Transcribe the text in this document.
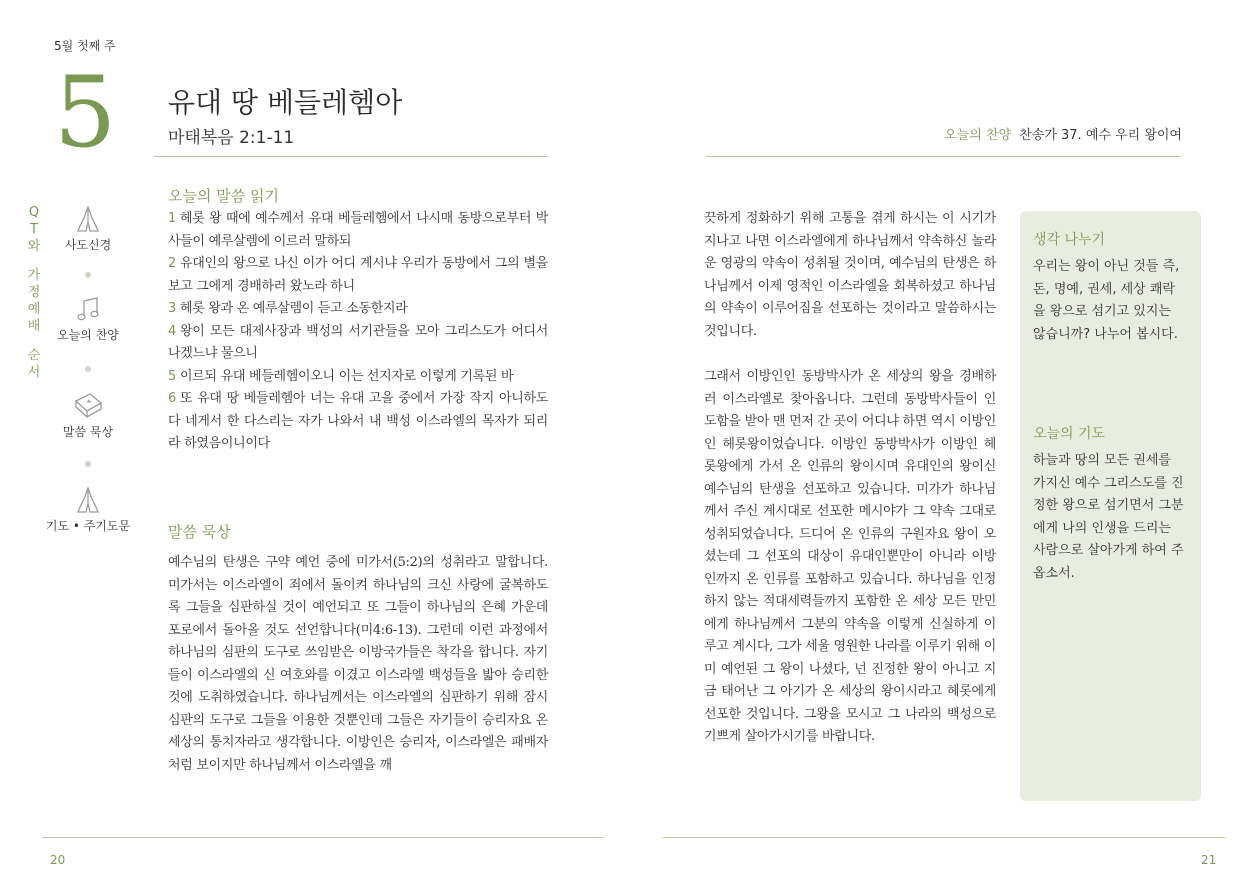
5월 첫째 주
5 유대 땅 베들레헴아
마태복음 2:1-11
Q
T
와
가
정
예
배
순
서
사도신경
오늘의 찬양
말씀 묵상
기도 • 주기도문
오늘의 말씀 읽기
1 헤롯 왕 때에 예수께서 유대 베들레헴에서 나시매 동방으로부터 박사들이 예루살렘에 이르러 말하되
2 유대인의 왕으로 나신 이가 어디 계시냐 우리가 동방에서 그의 별을 보고 그에게 경배하러 왔노라 하니
3 헤롯 왕과 온 예루살렘이 듣고 소동한지라
4 왕이 모든 대제사장과 백성의 서기관들을 모아 그리스도가 어디서 나겠느냐 물으니
5 이르되 유대 베들레헴이오니 이는 선지자로 이렇게 기록된 바
6 또 유대 땅 베들레헴아 너는 유대 고을 중에서 가장 작지 아니하도다 네게서 한 다스리는 자가 나와서 내 백성 이스라엘의 목자가 되리라 하였음이니이다
말씀 묵상

예수님의 탄생은 구약 예언 중에 미가서(5:2)의 성취라고 말합니다. 미가서는 이스라엘이 죄에서 돌이켜 하나님의 크신 사랑에 굴복하도록 그들을 심판하실 것이 예언되고 또 그들이 하나님의 은혜 가운데 포로에서 돌아올 것도 선언합니다(미4:6-13). 그런데 이런 과정에서 하나님의 심판의 도구로 쓰임받은 이방국가들은 착각을 합니다. 자기들이 이스라엘의 신 여호와를 이겼고 이스라엘 백성들을 밟아 승리한 것에 도취하였습니다. 하나님께서는 이스라엘의 심판하기 위해 잠시 심판의 도구로 그들을 이용한 것뿐인데 그들은 자기들이 승리자요 온 세상의 통치자라고 생각합니다. 이방인은 승리자, 이스라엘은 패배자처럼 보이지만 하나님께서 이스라엘을 깨

20
오늘의 찬양 찬송가 37. 예수 우리 왕이여

끗하게 정화하기 위해 고통을 겪게 하시는 이 시기가 지나고 나면 이스라엘에게 하나님께서 약속하신 놀라운 영광의 약속이 성취될 것이며, 예수님의 탄생은 하나님께서 이제 영적인 이스라엘을 회복하셨고 하나님의 약속이 이루어짐을 선포하는 것이라고 말씀하시는 것입니다.

그래서 이방인인 동방박사가 온 세상의 왕을 경배하러 이스라엘로 찾아옵니다. 그런데 동방박사들이 인도함을 받아 맨 먼저 간 곳이 어디냐 하면 역시 이방인인 헤롯왕이었습니다. 이방인 동방박사가 이방인 헤롯왕에게 가서 온 인류의 왕이시며 유대인의 왕이신 예수님의 탄생을 선포하고 있습니다. 미가가 하나님께서 주신 계시대로 선포한 메시야가 그 약속 그대로 성취되었습니다. 드디어 온 인류의 구원자요 왕이 오셨는데 그 선포의 대상이 유대인뿐만이 아니라 이방인까지 온 인류를 포함하고 있습니다. 하나님을 인정하지 않는 적대세력들까지 포함한 온 세상 모든 만민에게 하나님께서 그분의 약속을 이렇게 신실하게 이루고 계시다, 그가 세울 영원한 나라를 이루기 위해 이미 예언된 그 왕이 나셨다, 넌 진정한 왕이 아니고 지금 태어난 그 아기가 온 세상의 왕이시라고 헤롯에게 선포한 것입니다. 그왕을 모시고 그 나라의 백성으로 기쁘게 살아가시기를 바랍니다.

생각 나누기

우리는 왕이 아닌 것들 즉, 돈, 명예, 권세, 세상 쾌락을 왕으로 섬기고 있지는 않습니까? 나누어 봅시다.

오늘의 기도

하늘과 땅의 모든 권세를 가지신 예수 그리스도를 진정한 왕으로 섬기면서 그분에게 나의 인생을 드리는 사람으로 살아가게 하여 주옵소서.

21
